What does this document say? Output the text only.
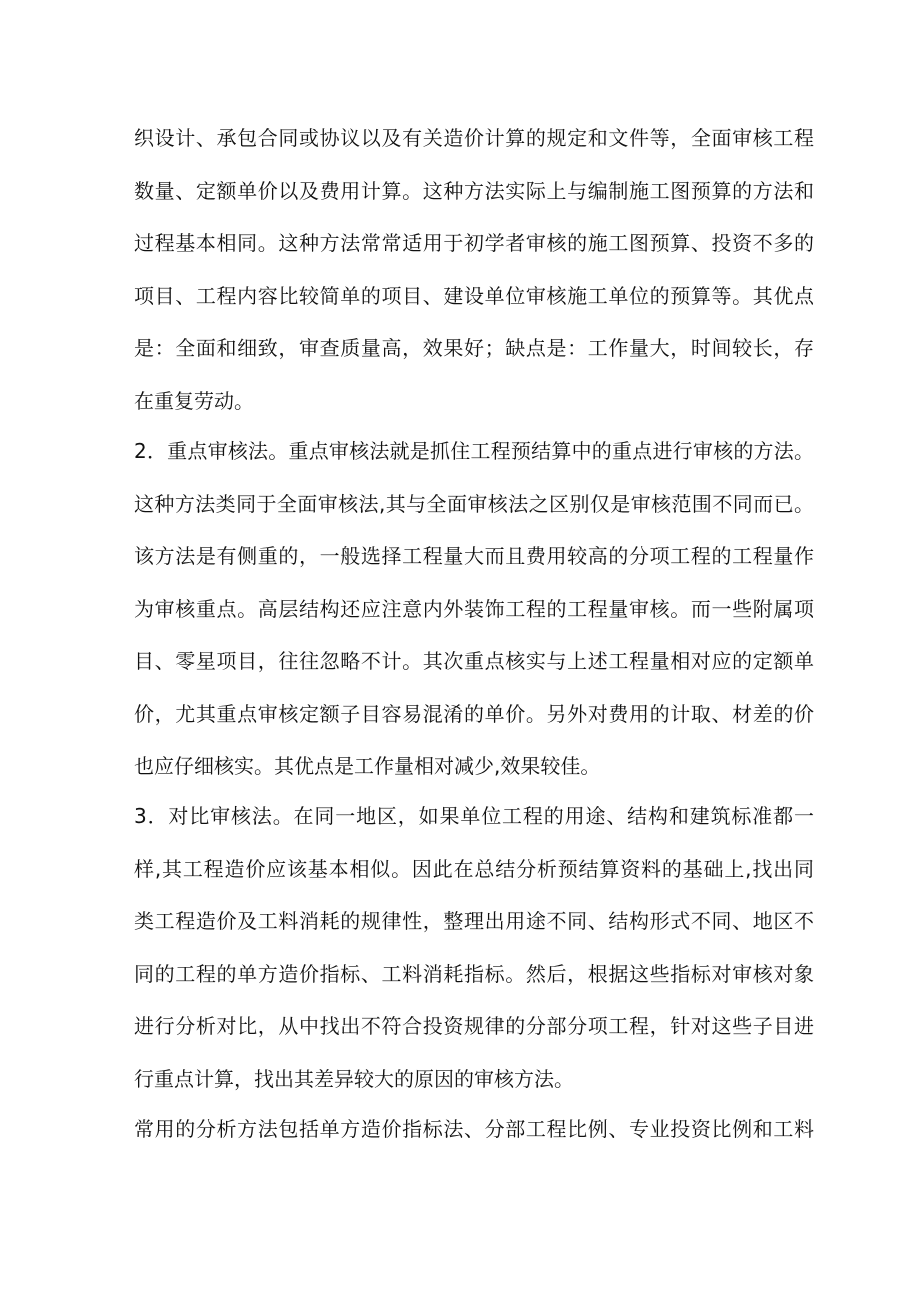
织设计、承包合同或协议以及有关造价计算的规定和文件等，全面审核工程
数量、定额单价以及费用计算。这种方法实际上与编制施工图预算的方法和
过程基本相同。这种方法常常适用于初学者审核的施工图预算、投资不多的
项目、工程内容比较简单的项目、建设单位审核施工单位的预算等。其优点
是：全面和细致，审查质量高，效果好；缺点是：工作量大，时间较长，存
在重复劳动。
2．重点审核法。重点审核法就是抓住工程预结算中的重点进行审核的方法。
这种方法类同于全面审核法,其与全面审核法之区别仅是审核范围不同而已。
该方法是有侧重的，一般选择工程量大而且费用较高的分项工程的工程量作
为审核重点。高层结构还应注意内外装饰工程的工程量审核。而一些附属项
目、零星项目，往往忽略不计。其次重点核实与上述工程量相对应的定额单
价，尤其重点审核定额子目容易混淆的单价。另外对费用的计取、材差的价
也应仔细核实。其优点是工作量相对减少,效果较佳。
3．对比审核法。在同一地区，如果单位工程的用途、结构和建筑标准都一
样,其工程造价应该基本相似。因此在总结分析预结算资料的基础上,找出同
类工程造价及工料消耗的规律性，整理出用途不同、结构形式不同、地区不
同的工程的单方造价指标、工料消耗指标。然后，根据这些指标对审核对象
进行分析对比，从中找出不符合投资规律的分部分项工程，针对这些子目进
行重点计算，找出其差异较大的原因的审核方法。
常用的分析方法包括单方造价指标法、分部工程比例、专业投资比例和工料
